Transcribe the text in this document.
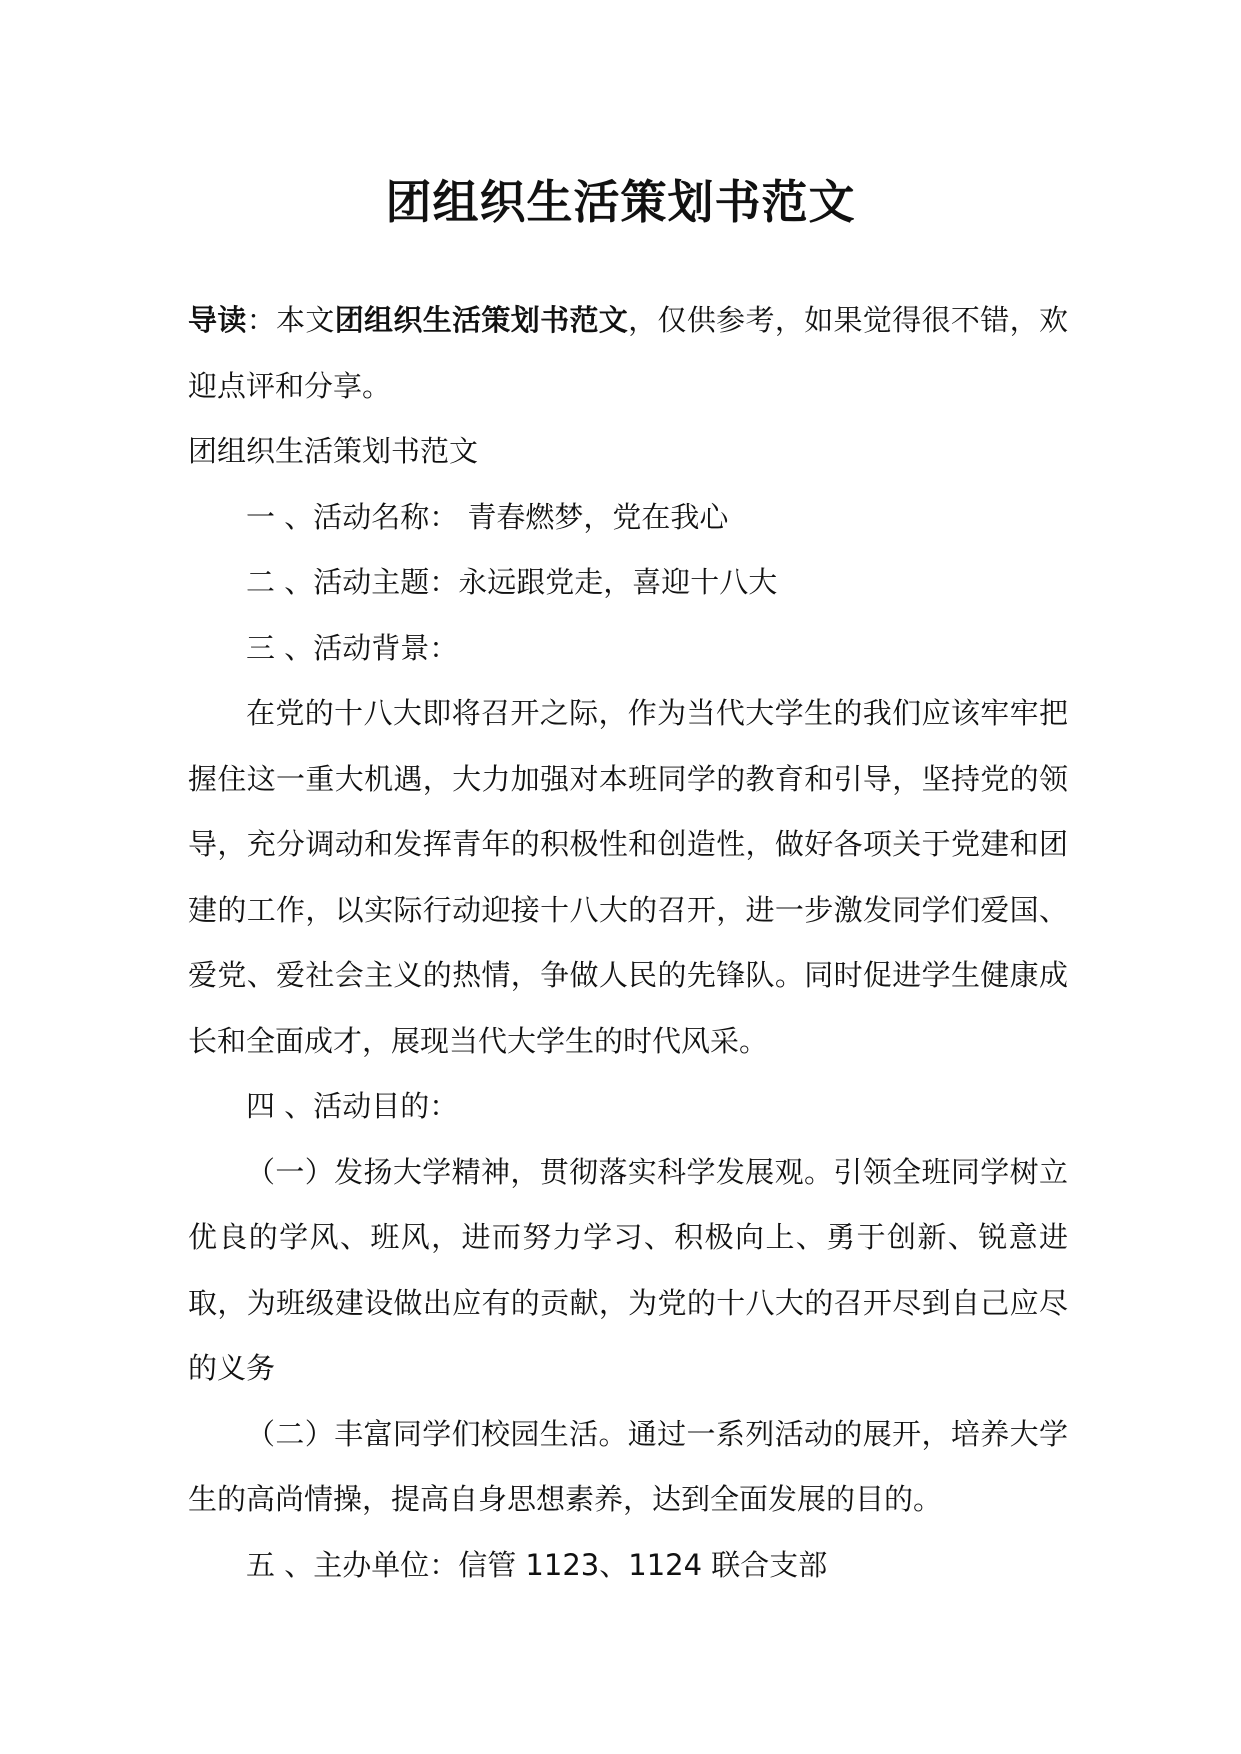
团组织生活策划书范文

导读：本文团组织生活策划书范文，仅供参考，如果觉得很不错，欢迎点评和分享。

团组织生活策划书范文

一 、活动名称： 青春燃梦，党在我心

二 、活动主题：永远跟党走，喜迎十八大

三 、活动背景：

在党的十八大即将召开之际，作为当代大学生的我们应该牢牢把握住这一重大机遇，大力加强对本班同学的教育和引导，坚持党的领导，充分调动和发挥青年的积极性和创造性，做好各项关于党建和团建的工作，以实际行动迎接十八大的召开，进一步激发同学们爱国、爱党、爱社会主义的热情，争做人民的先锋队。同时促进学生健康成长和全面成才，展现当代大学生的时代风采。

四 、活动目的：

（一）发扬大学精神，贯彻落实科学发展观。引领全班同学树立优良的学风、班风，进而努力学习、积极向上、勇于创新、锐意进取，为班级建设做出应有的贡献，为党的十八大的召开尽到自己应尽的义务

（二）丰富同学们校园生活。通过一系列活动的展开，培养大学生的高尚情操，提高自身思想素养，达到全面发展的目的。

五 、主办单位：信管 1123、1124 联合支部
